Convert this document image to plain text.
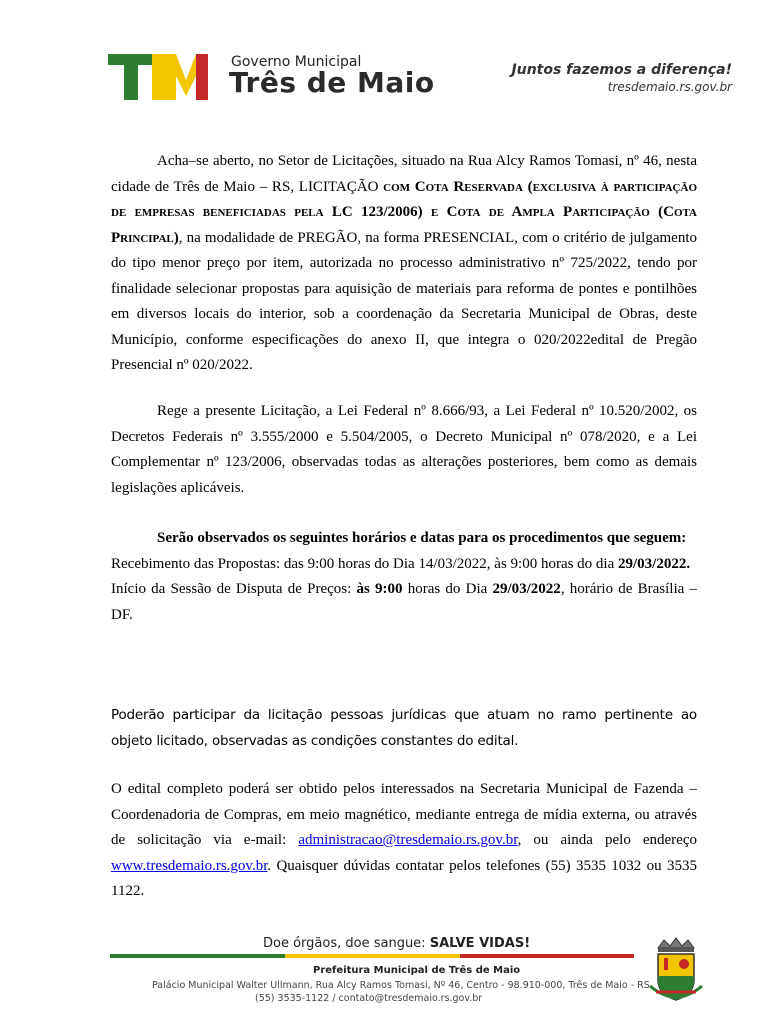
Governo Municipal
Três de Maio	Juntos fazemos a diferença!
tresdemaio.rs.gov.br

Acha–se aberto, no Setor de Licitações, situado na Rua Alcy Ramos Tomasi, nº 46, nesta cidade de Três de Maio – RS, LICITAÇÃO com Cota Reservada (exclusiva à participação de empresas beneficiadas pela LC 123/2006) e Cota de Ampla Participação (Cota Principal), na modalidade de PREGÃO, na forma PRESENCIAL, com o critério de julgamento do tipo menor preço por item, autorizada no processo administrativo nº 725/2022, tendo por finalidade selecionar propostas para aquisição de materiais para reforma de pontes e pontilhões em diversos locais do interior, sob a coordenação da Secretaria Municipal de Obras, deste Município, conforme especificações do anexo II, que integra o 020/2022edital de Pregão Presencial nº 020/2022.

Rege a presente Licitação, a Lei Federal nº 8.666/93, a Lei Federal nº 10.520/2002, os Decretos Federais nº 3.555/2000 e 5.504/2005, o Decreto Municipal nº 078/2020, e a Lei Complementar nº 123/2006, observadas todas as alterações posteriores, bem como as demais legislações aplicáveis.

Serão observados os seguintes horários e datas para os procedimentos que seguem:

Recebimento das Propostas: das 9:00 horas do Dia 14/03/2022, às 9:00 horas do dia 29/03/2022.

Início da Sessão de Disputa de Preços: às 9:00 horas do Dia 29/03/2022, horário de Brasília – DF.

Poderão participar da licitação pessoas jurídicas que atuam no ramo pertinente ao objeto licitado, observadas as condições constantes do edital.

O edital completo poderá ser obtido pelos interessados na Secretaria Municipal de Fazenda – Coordenadoria de Compras, em meio magnético, mediante entrega de mídia externa, ou através de solicitação via e-mail: administracao@tresdemaio.rs.gov.br, ou ainda pelo endereço www.tresdemaio.rs.gov.br. Quaisquer dúvidas contatar pelos telefones (55) 3535 1032 ou 3535 1122.

Doe órgãos, doe sangue: SALVE VIDAS!
Prefeitura Municipal de Três de Maio
Palácio Municipal Walter Ullmann, Rua Alcy Ramos Tomasi, Nº 46, Centro - 98.910-000, Três de Maio - RS
(55) 3535-1122 / contato@tresdemaio.rs.gov.br
